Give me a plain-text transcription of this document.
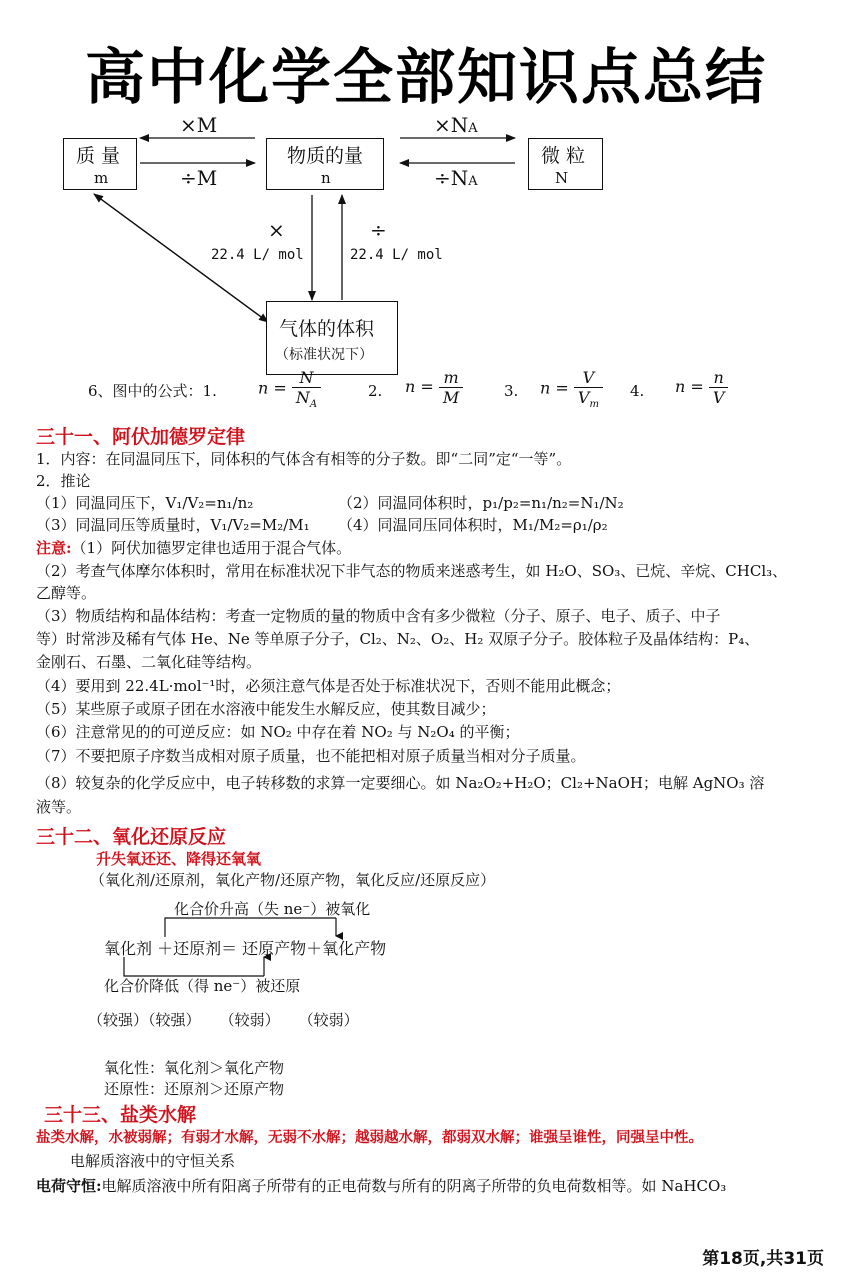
高中化学全部知识点总结
质 量
m
物质的量
n
微 粒
N
气体的体积
（标准状况下）
×M
÷M
×NA
÷NA
×	÷
22.4 L/ mol	22.4 L/ mol
6、图中的公式：1.	$n = \frac{N}{N_A}$	2. $n = \frac{m}{M}$	3. $n = \frac{V}{V_m} 4$. $n = \frac{n}{V}$
三十一、阿伏加德罗定律
1．内容：在同温同压下，同体积的气体含有相等的分子数。即“二同”定“一等”。
2．推论
（1）同温同压下，V₁/V₂=n₁/n₂	（2）同温同体积时，p₁/p₂=n₁/n₂=N₁/N₂
（3）同温同压等质量时，V₁/V₂=M₂/M₁ （4）同温同压同体积时，M₁/M₂=ρ₁/ρ₂
注意:（1）阿伏加德罗定律也适用于混合气体。
（2）考查气体摩尔体积时，常用在标准状况下非气态的物质来迷惑考生，如 H₂O、SO₃、已烷、辛烷、CHCl₃、
乙醇等。
（3）物质结构和晶体结构：考查一定物质的量的物质中含有多少微粒（分子、原子、电子、质子、中子
等）时常涉及稀有气体 He、Ne 等单原子分子，Cl₂、N₂、O₂、H₂ 双原子分子。胶体粒子及晶体结构：P₄、
金刚石、石墨、二氧化硅等结构。
（4）要用到 22.4L·mol⁻¹时，必须注意气体是否处于标准状况下，否则不能用此概念；
（5）某些原子或原子团在水溶液中能发生水解反应，使其数目减少；
（6）注意常见的的可逆反应：如 NO₂ 中存在着 NO₂ 与 N₂O₄ 的平衡；
（7）不要把原子序数当成相对原子质量，也不能把相对原子质量当相对分子质量。
（8）较复杂的化学反应中，电子转移数的求算一定要细心。如 Na₂O₂+H₂O；Cl₂+NaOH；电解 AgNO₃ 溶
液等。
三十二、氧化还原反应
升失氧还还、降得还氧氧
（氧化剂/还原剂，氧化产物/还原产物，氧化反应/还原反应）
化合价升高（失 ne⁻）被氧化
氧化剂 ＋还原剂＝ 还原产物＋氧化产物
化合价降低（得 ne⁻）被还原
（较强）（较强）    （较弱）    （较弱）
氧化性：氧化剂＞氧化产物
还原性：还原剂＞还原产物
三十三、盐类水解
盐类水解，水被弱解；有弱才水解，无弱不水解；越弱越水解，都弱双水解；谁强呈谁性，同强呈中性。
电解质溶液中的守恒关系
电荷守恒:电解质溶液中所有阳离子所带有的正电荷数与所有的阴离子所带的负电荷数相等。如 NaHCO₃
第18页,共31页
